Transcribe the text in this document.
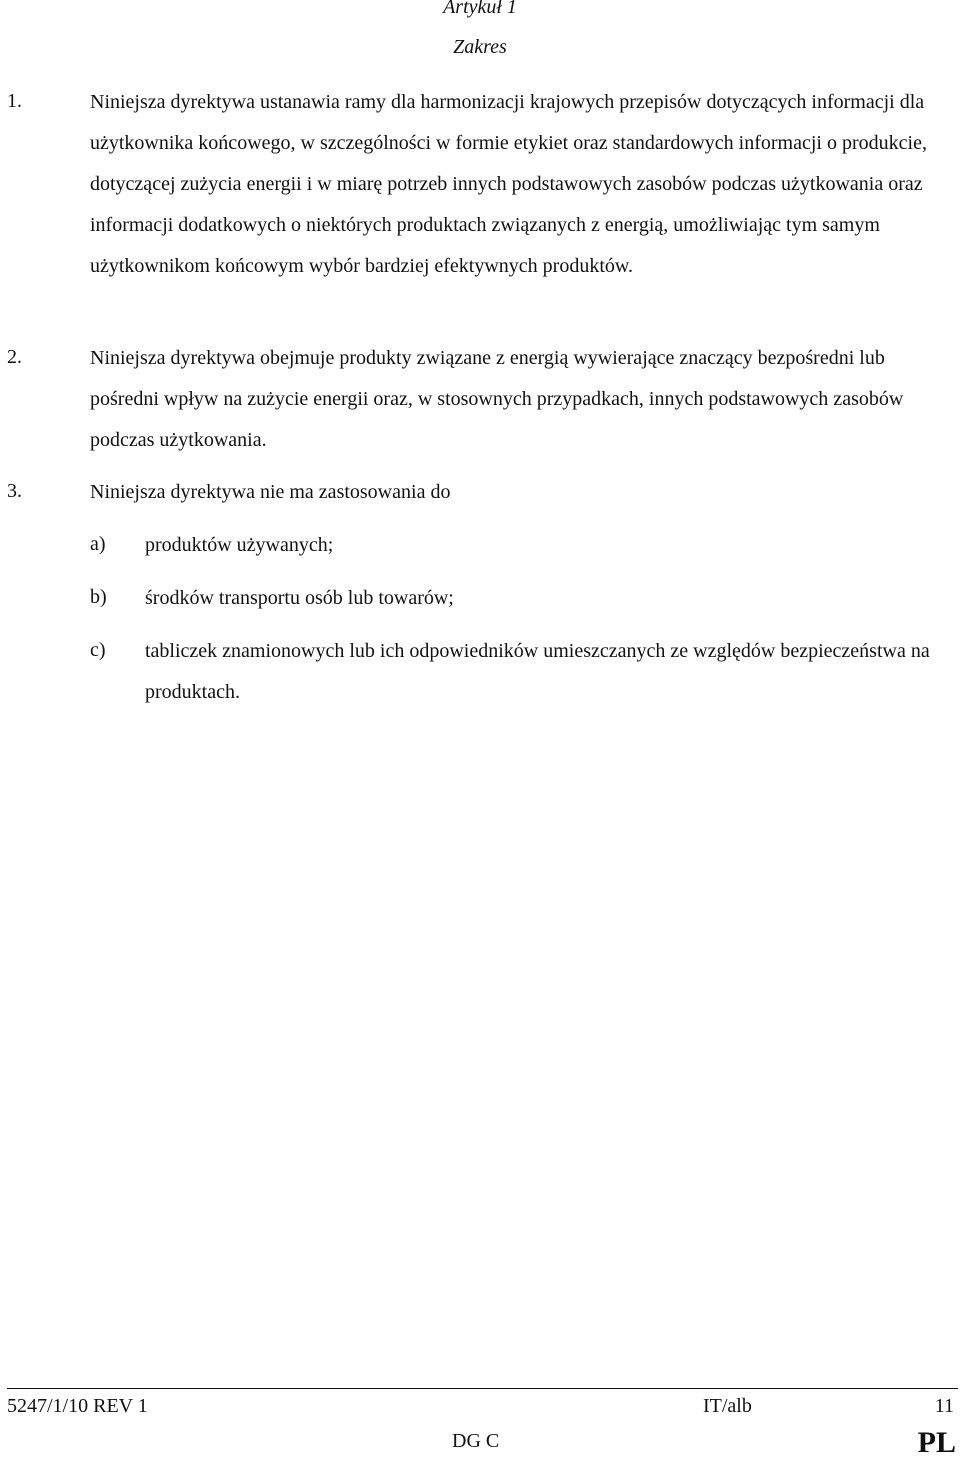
Artykuł 1
Zakres
1.	Niniejsza dyrektywa ustanawia ramy dla harmonizacji krajowych przepisów dotyczących informacji dla użytkownika końcowego, w szczególności w formie etykiet oraz standardowych informacji o produkcie, dotyczącej zużycia energii i w miarę potrzeb innych podstawowych zasobów podczas użytkowania oraz informacji dodatkowych o niektórych produktach związanych z energią, umożliwiając tym samym użytkownikom końcowym wybór bardziej efektywnych produktów.
2.	Niniejsza dyrektywa obejmuje produkty związane z energią wywierające znaczący bezpośredni lub pośredni wpływ na zużycie energii oraz, w stosownych przypadkach, innych podstawowych zasobów podczas użytkowania.
3.	Niniejsza dyrektywa nie ma zastosowania do
a) produktów używanych;
b) środków transportu osób lub towarów;
c) tabliczek znamionowych lub ich odpowiedników umieszczanych ze względów bezpieczeństwa na produktach.
5247/1/10 REV 1	IT/alb	11
DG C	PL
